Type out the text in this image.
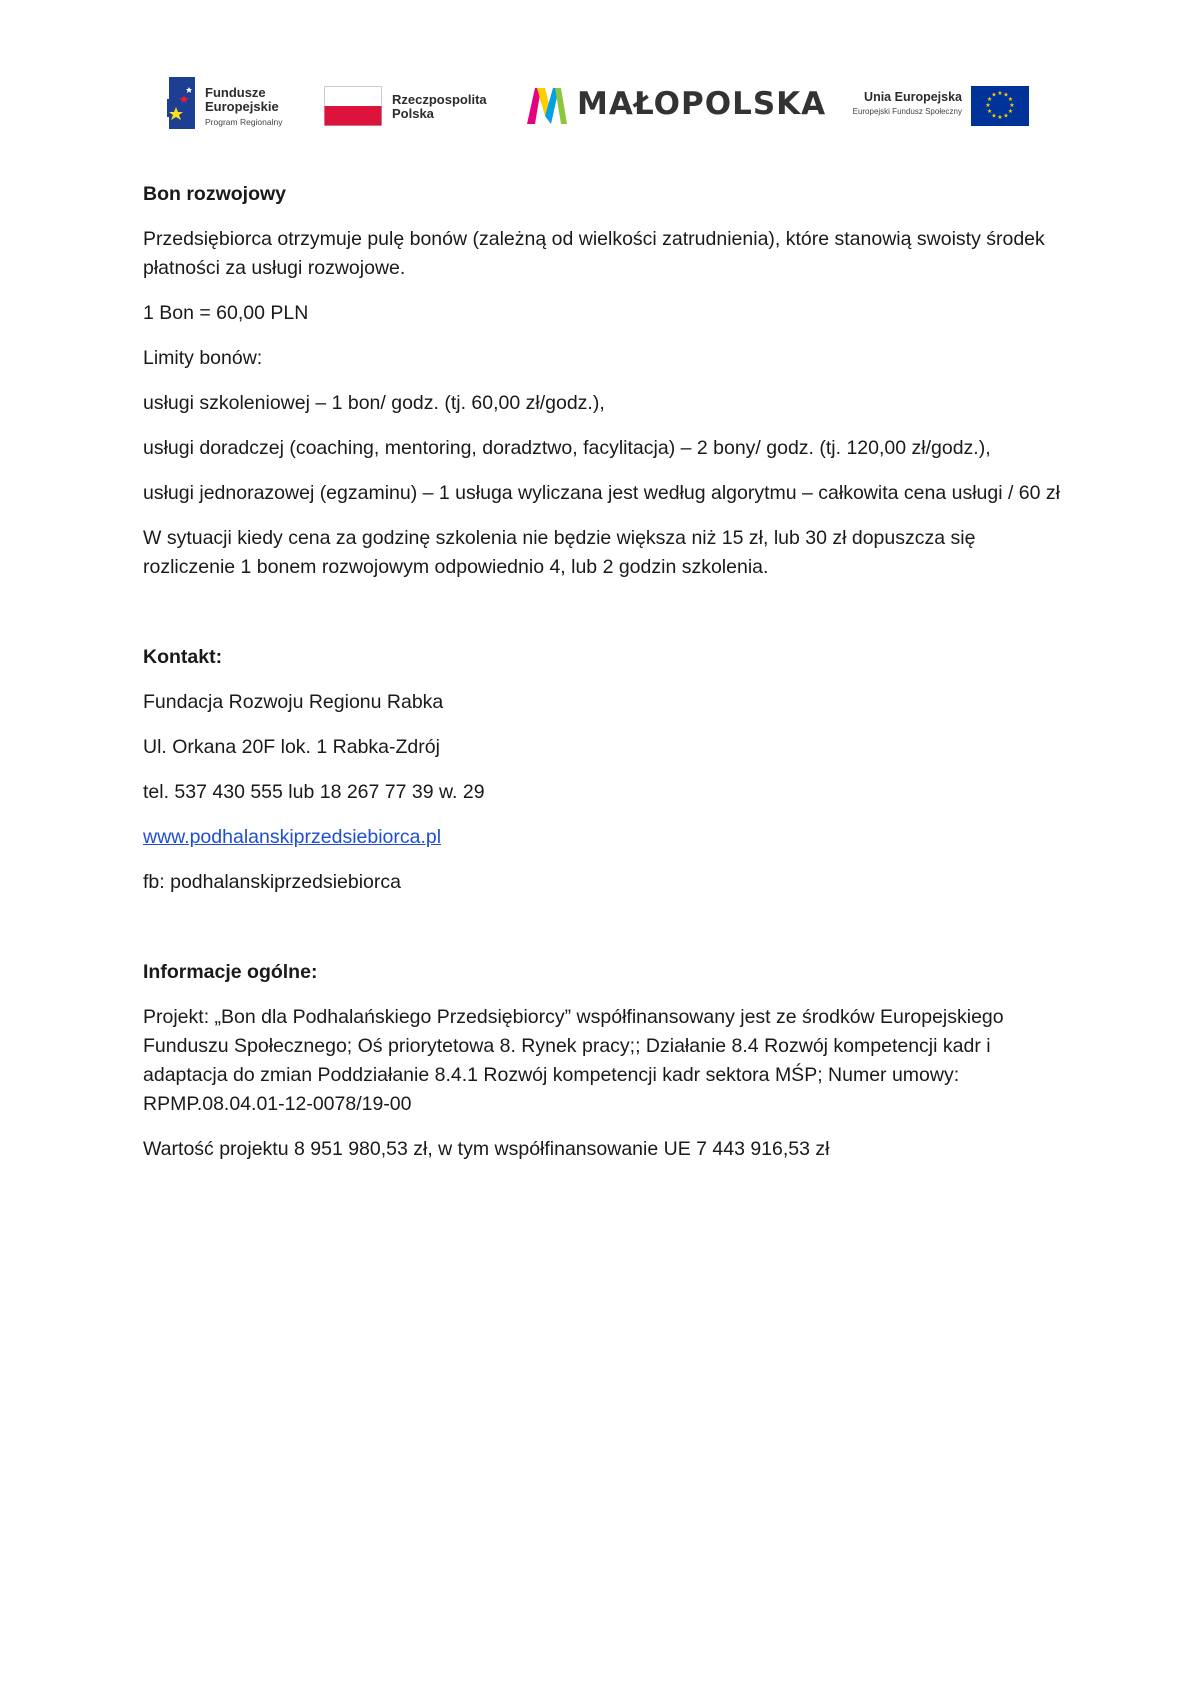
Fundusze
Europejskie
Program Regionalny
Rzeczpospolita
Polska	MAŁOPOLSKA	Unia Europejska
Europejski Fundusz Społeczny
★ ★
★
★
★
★
★
★
★
★
★
★

Bon rozwojowy

Przedsiębiorca otrzymuje pulę bonów (zależną od wielkości zatrudnienia), które stanowią swoisty środek płatności za usługi rozwojowe.

1 Bon = 60,00 PLN

Limity bonów:

usługi szkoleniowej – 1 bon/ godz. (tj. 60,00 zł/godz.),

usługi doradczej (coaching, mentoring, doradztwo, facylitacja) – 2 bony/ godz. (tj. 120,00 zł/godz.),

usługi jednorazowej (egzaminu) – 1 usługa wyliczana jest według algorytmu – całkowita cena usługi / 60 zł

W sytuacji kiedy cena za godzinę szkolenia nie będzie większa niż 15 zł, lub 30 zł dopuszcza się rozliczenie 1 bonem rozwojowym odpowiednio 4, lub 2 godzin szkolenia.

Kontakt:

Fundacja Rozwoju Regionu Rabka

Ul. Orkana 20F lok. 1 Rabka-Zdrój

tel. 537 430 555 lub 18 267 77 39 w. 29

www.podhalanskiprzedsiebiorca.pl

fb: podhalanskiprzedsiebiorca

Informacje ogólne:

Projekt: „Bon dla Podhalańskiego Przedsiębiorcy” współfinansowany jest ze środków Europejskiego Funduszu Społecznego; Oś priorytetowa 8. Rynek pracy;; Działanie 8.4 Rozwój kompetencji kadr i adaptacja do zmian Poddziałanie 8.4.1 Rozwój kompetencji kadr sektora MŚP; Numer umowy: RPMP.08.04.01-12-0078/19-00

Wartość projektu 8 951 980,53 zł, w tym współfinansowanie UE 7 443 916,53 zł
